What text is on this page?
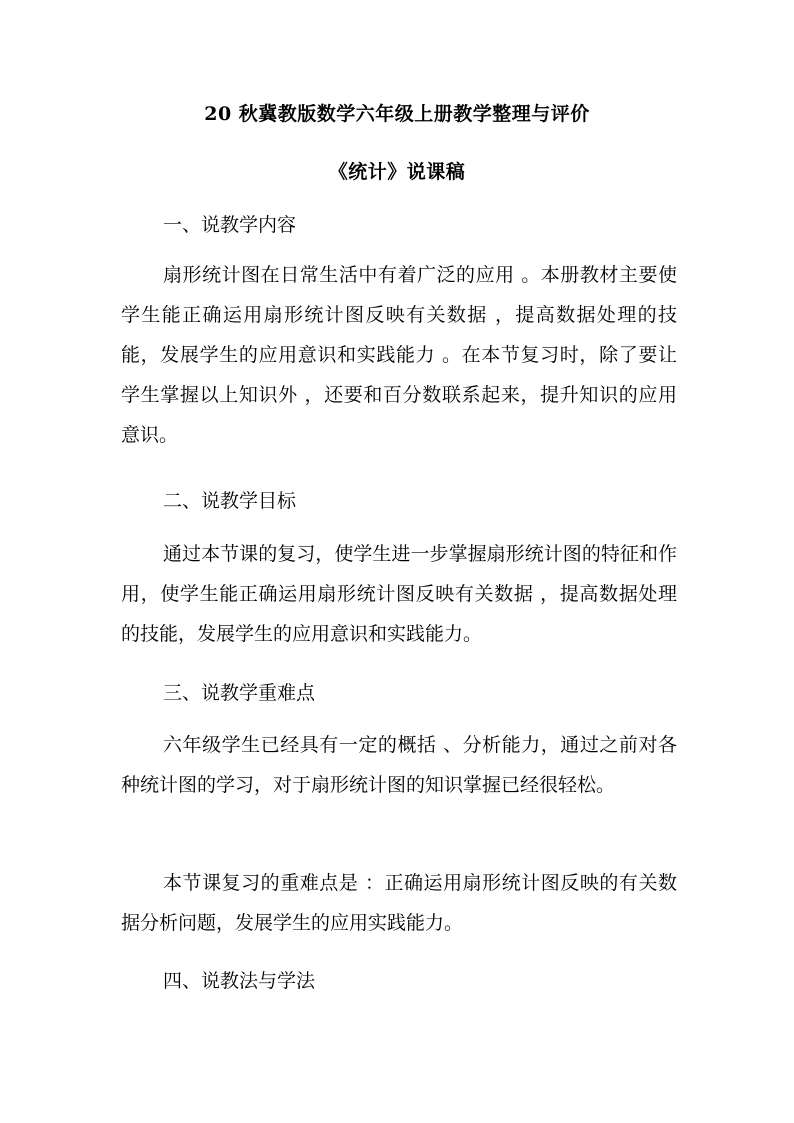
20 秋冀教版数学六年级上册教学整理与评价
《统计》说课稿
一、说教学内容
扇形统计图在日常生活中有着广泛的应用 。本册教材主要使学生能正确运用扇形统计图反映有关数据 ，提高数据处理的技能，发展学生的应用意识和实践能力 。在本节复习时，除了要让学生掌握以上知识外 ，还要和百分数联系起来，提升知识的应用意识。
二、说教学目标
通过本节课的复习，使学生进一步掌握扇形统计图的特征和作用，使学生能正确运用扇形统计图反映有关数据 ，提高数据处理的技能，发展学生的应用意识和实践能力。
三、说教学重难点
六年级学生已经具有一定的概括 、分析能力，通过之前对各种统计图的学习，对于扇形统计图的知识掌握已经很轻松。
本节课复习的重难点是 ：正确运用扇形统计图反映的有关数据分析问题，发展学生的应用实践能力。
四、说教法与学法
